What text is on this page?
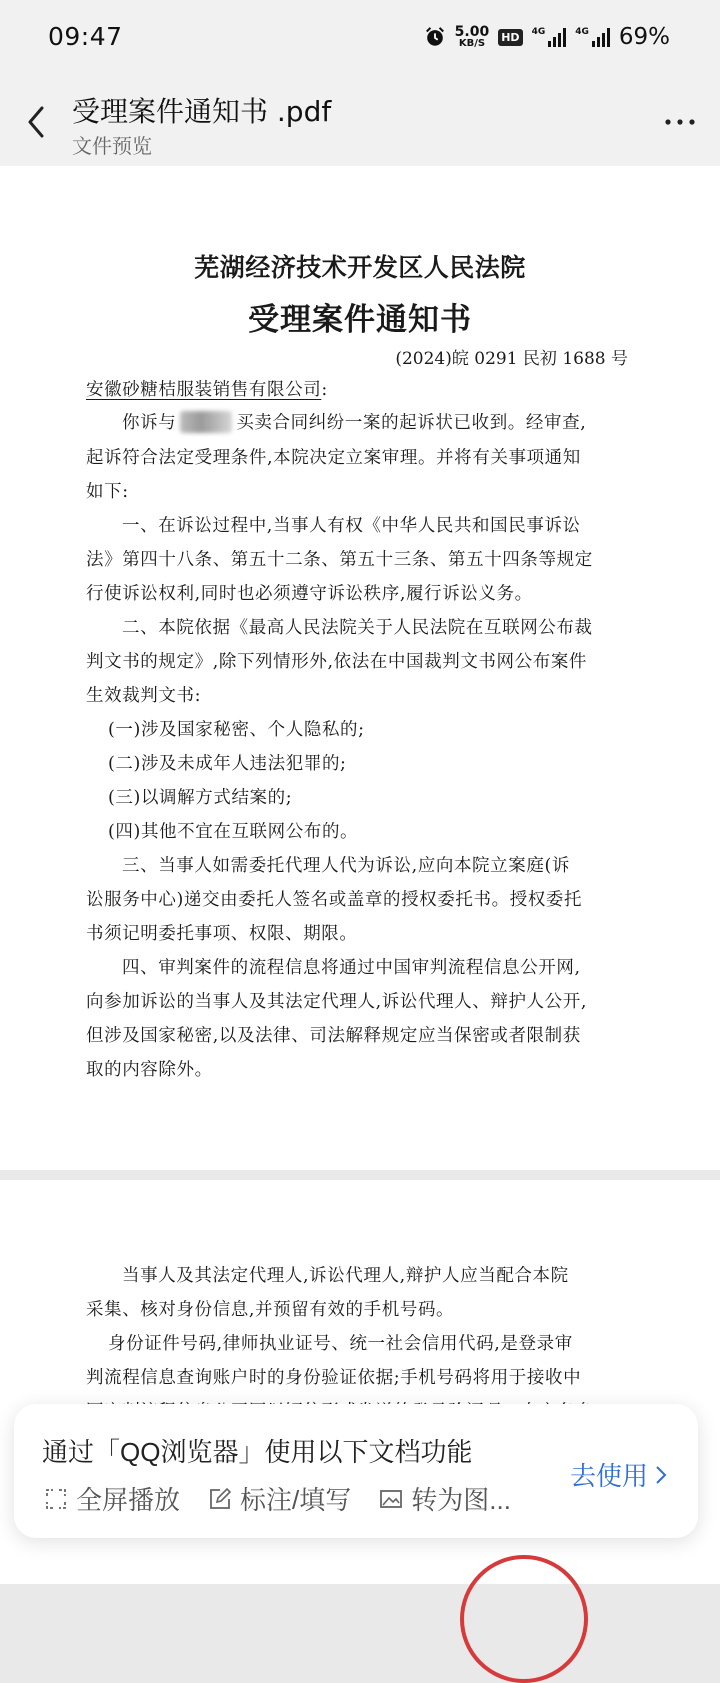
09:47	5.00
KB/S	HD	4G	4G 69%
受理案件通知书 .pdf
文件预览
芜湖经济技术开发区人民法院
受理案件通知书
(2024)皖 0291 民初 1688 号
安徽砂糖桔服装销售有限公司:
你诉与	买卖合同纠纷一案的起诉状已收到。经审查,
起诉符合法定受理条件,本院决定立案审理。并将有关事项通知
如下:
一、在诉讼过程中,当事人有权《中华人民共和国民事诉讼
法》第四十八条、第五十二条、第五十三条、第五十四条等规定
行使诉讼权利,同时也必须遵守诉讼秩序,履行诉讼义务。
二、本院依据《最高人民法院关于人民法院在互联网公布裁
判文书的规定》,除下列情形外,依法在中国裁判文书网公布案件
生效裁判文书:
(一)涉及国家秘密、个人隐私的;
(二)涉及未成年人违法犯罪的;
(三)以调解方式结案的;
(四)其他不宜在互联网公布的。
三、当事人如需委托代理人代为诉讼,应向本院立案庭(诉
讼服务中心)递交由委托人签名或盖章的授权委托书。授权委托
书须记明委托事项、权限、期限。
四、审判案件的流程信息将通过中国审判流程信息公开网,
向参加诉讼的当事人及其法定代理人,诉讼代理人、辩护人公开,
但涉及国家秘密,以及法律、司法解释规定应当保密或者限制获
取的内容除外。
当事人及其法定代理人,诉讼代理人,辩护人应当配合本院
采集、核对身份信息,并预留有效的手机号码。
身份证件号码,律师执业证号、统一社会信用代码,是登录审
判流程信息查询账户时的身份验证依据;手机号码将用于接收中
通过「QQ浏览器」使用以下文档功能
全屏播放 标注/填写 转为图...
去使用
